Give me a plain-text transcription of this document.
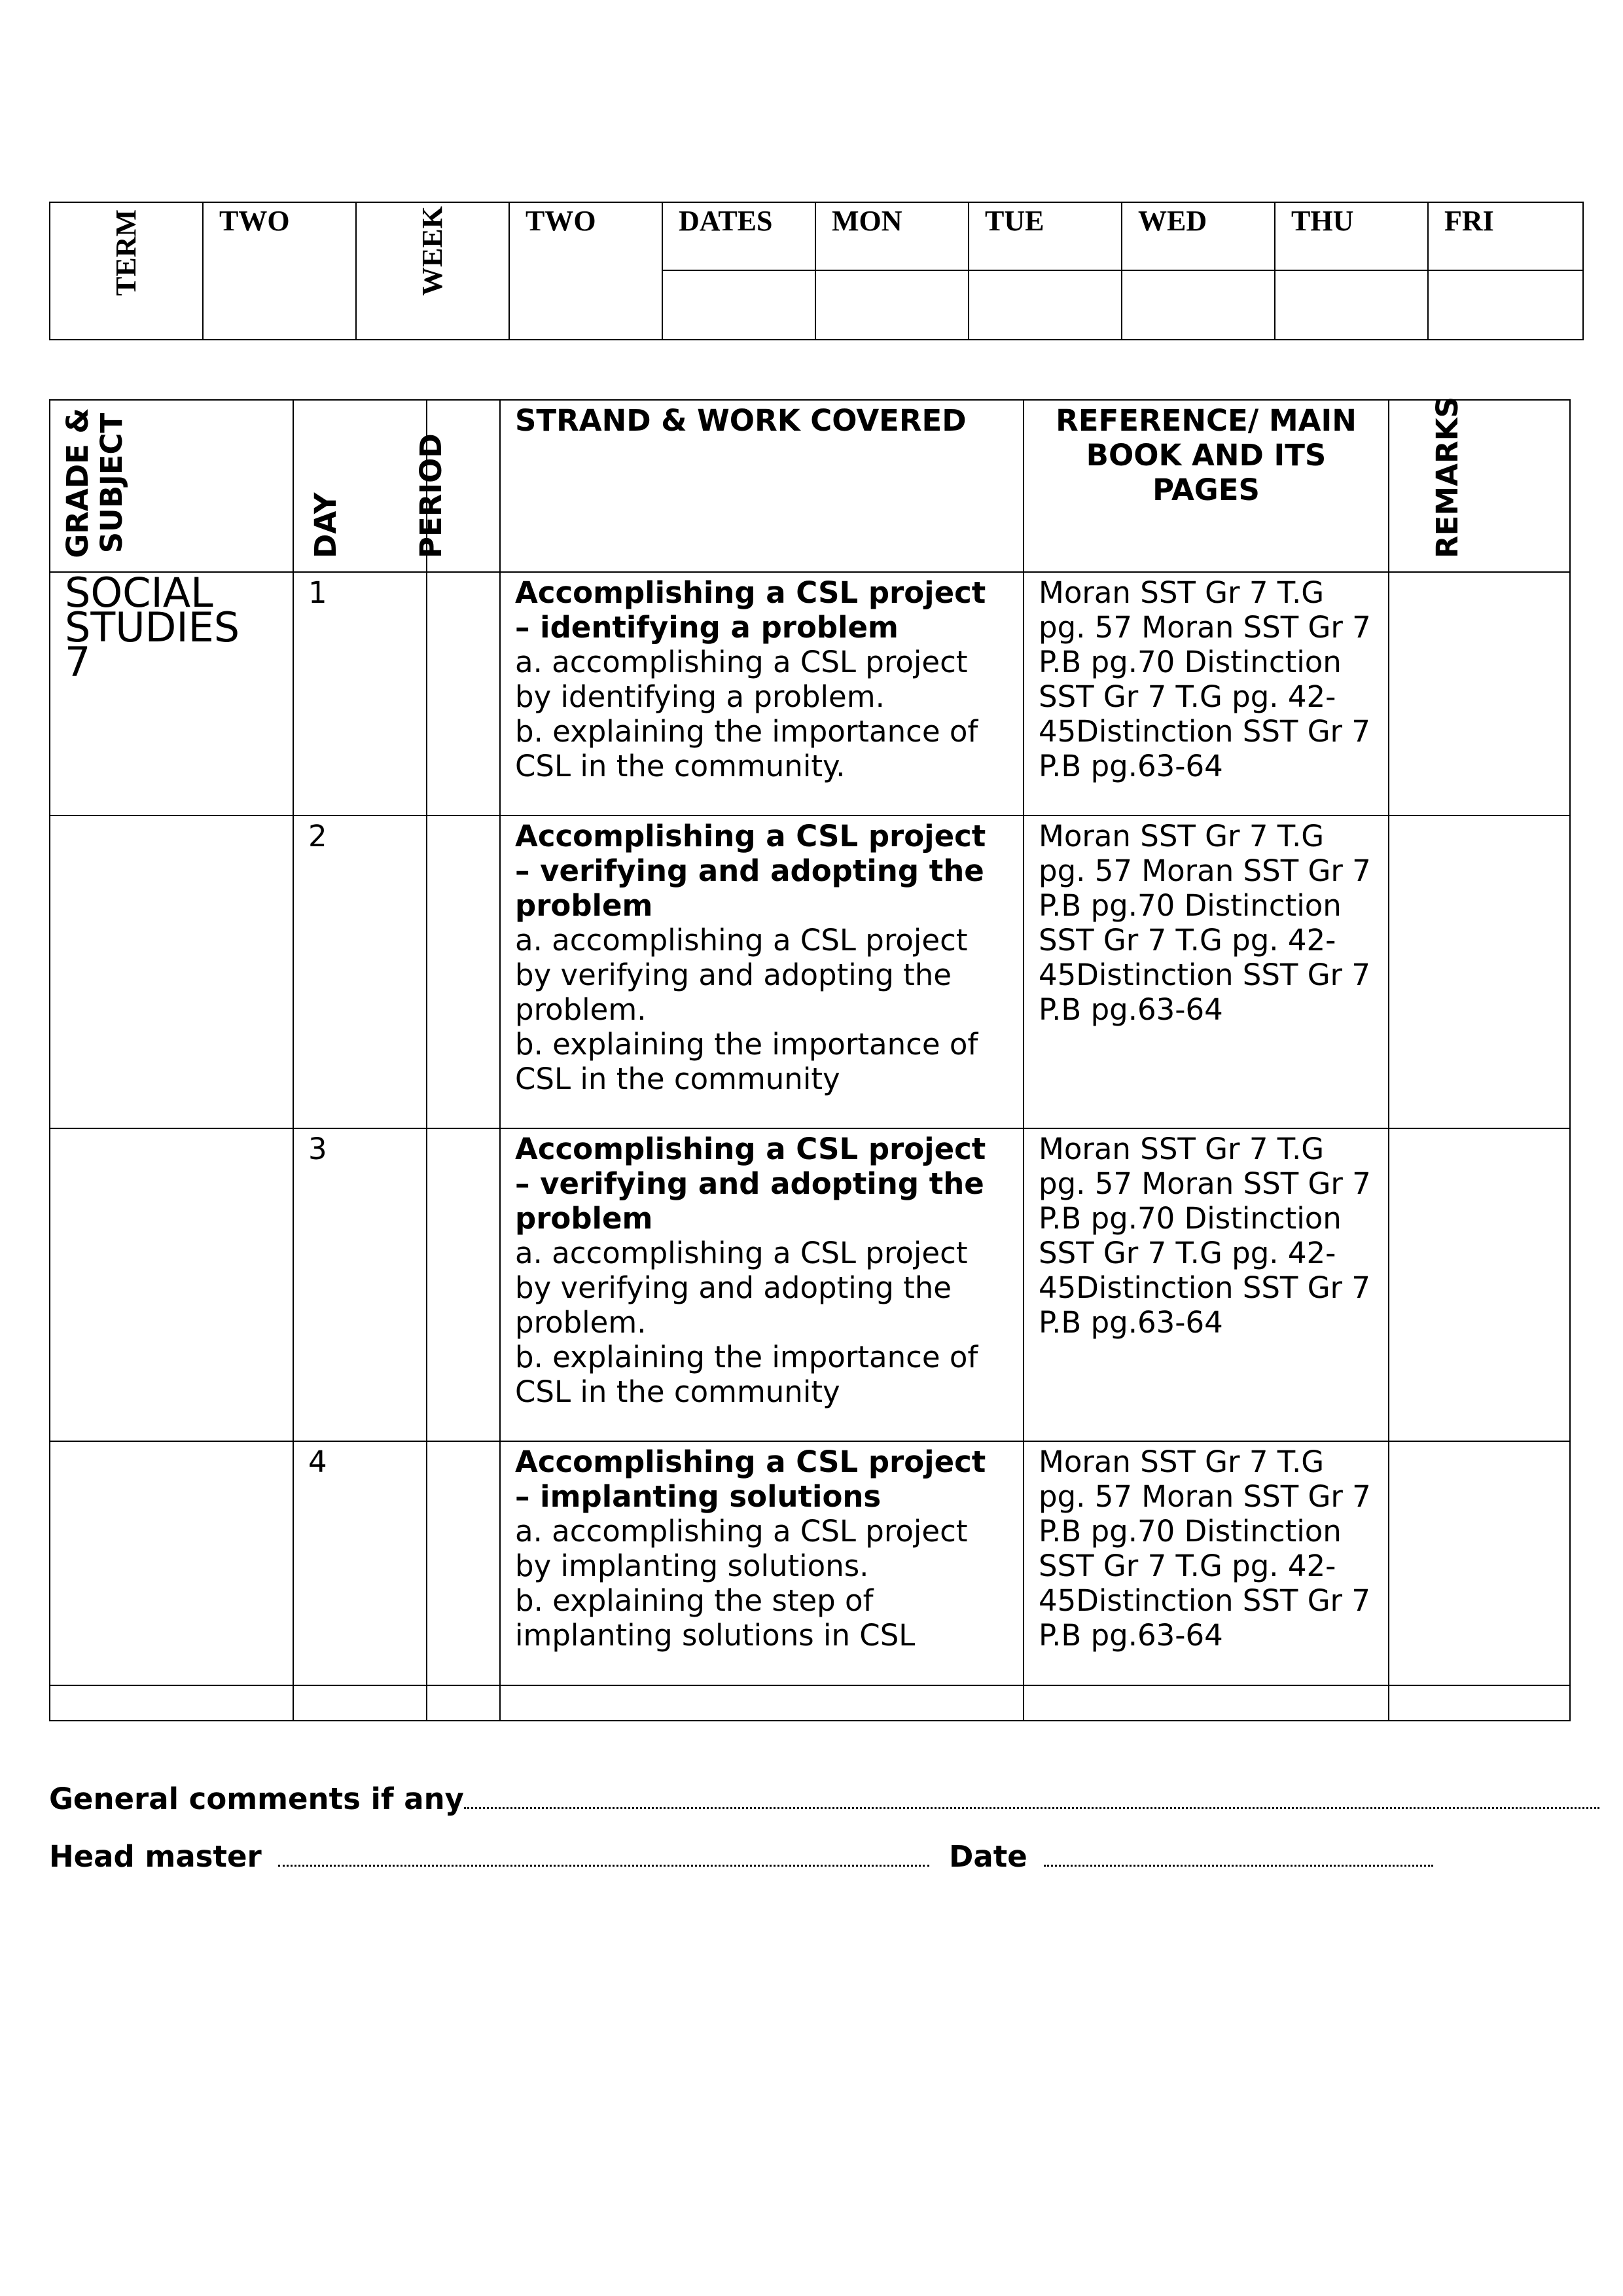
TERM	TWO	WEEK	TWO	DATES	MON	TUE	WED	THU	FRI

GRADE & SUBJECT	DAY	PERIOD	STRAND & WORK COVERED	REFERENCE/ MAIN BOOK AND ITS PAGES	REMARKS

SOCIAL STUDIES 7	1		Accomplishing a CSL project – identifying a problem
a. accomplishing a CSL project by identifying a problem.
b. explaining the importance of CSL in the community.	Moran SST Gr 7 T.G pg. 57 Moran SST Gr 7 P.B pg.70 Distinction SST Gr 7 T.G pg. 42-45Distinction SST Gr 7 P.B pg.63-64	
	2		Accomplishing a CSL project – verifying and adopting the problem
a. accomplishing a CSL project by verifying and adopting the problem.
b. explaining the importance of CSL in the community	Moran SST Gr 7 T.G pg. 57 Moran SST Gr 7 P.B pg.70 Distinction SST Gr 7 T.G pg. 42-45Distinction SST Gr 7 P.B pg.63-64	
	3		Accomplishing a CSL project – verifying and adopting the problem
a. accomplishing a CSL project by verifying and adopting the problem.
b. explaining the importance of CSL in the community	Moran SST Gr 7 T.G pg. 57 Moran SST Gr 7 P.B pg.70 Distinction SST Gr 7 T.G pg. 42-45Distinction SST Gr 7 P.B pg.63-64	
	4		Accomplishing a CSL project – implanting solutions
a. accomplishing a CSL project by implanting solutions.
b. explaining the step of implanting solutions in CSL	Moran SST Gr 7 T.G pg. 57 Moran SST Gr 7 P.B pg.70 Distinction SST Gr 7 T.G pg. 42-45Distinction SST Gr 7 P.B pg.63-64	

General comments if any
Head master	Date
